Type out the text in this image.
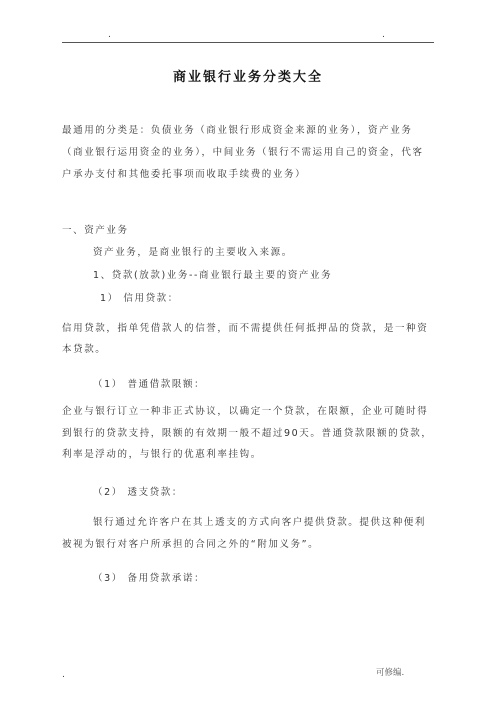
.	.
商业银行业务分类大全
最通用的分类是：负债业务（商业银行形成资金来源的业务），资产业务（商业银行运用资金的业务），中间业务（银行不需运用自己的资金，代客户承办支付和其他委托事项而收取手续费的业务）
一、资产业务
资产业务，是商业银行的主要收入来源。
1、贷款(放款)业务--商业银行最主要的资产业务
1） 信用贷款：
信用贷款，指单凭借款人的信誉，而不需提供任何抵押品的贷款，是一种资本贷款。
（1） 普通借款限额：
企业与银行订立一种非正式协议，以确定一个贷款，在限额，企业可随时得到银行的贷款支持，限额的有效期一般不超过90天。普通贷款限额的贷款，利率是浮动的，与银行的优惠利率挂钩。
（2） 透支贷款：
银行通过允许客户在其上透支的方式向客户提供贷款。提供这种便利被视为银行对客户所承担的合同之外的“附加义务”。
（3） 备用贷款承诺：
.	可修编.
